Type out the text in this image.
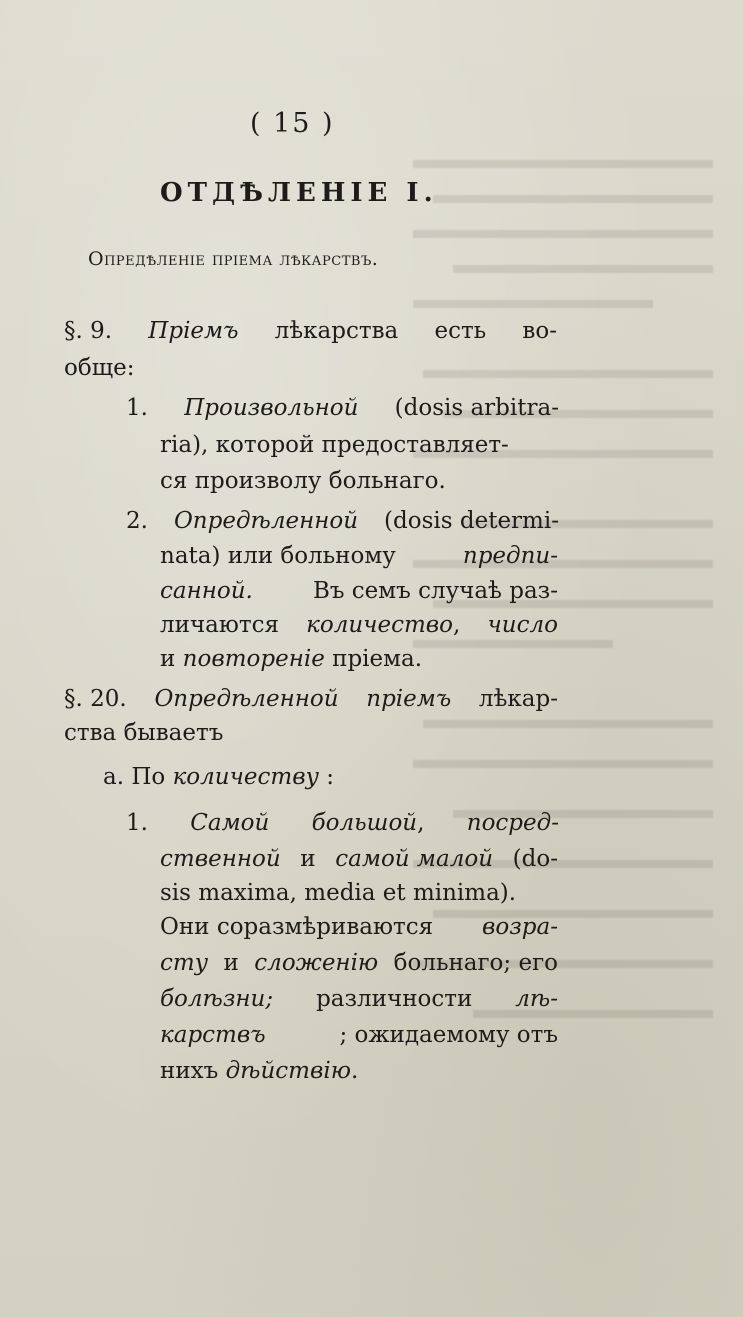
( 15 )
ОТДѢЛЕНІЕ I.
Опредѣленіе пріема лѣкарствъ.
§. 9. Пріемъ лѣкарства есть во-
обще:
1. Произвольной (dosis arbitra-
ria), которой предоставляет-
ся произволу больнаго.
2. Опредѣленной (dosis determi-
nata) или больному	предпи-
санной.	Въ семъ случаѣ раз-
личаются количество, число
и повтореніе пріема.
§. 20. Опредѣленной пріемъ лѣкар-
ства бываетъ
а. По количеству :
1. Самой большой, посред-
ственной и самой малой (do-
sis maxima, media et minima).
Они соразмѣриваются возра-
сту и сложенію больнаго; его
болѣзни; различности лѣ-
карствъ	; ожидаемому отъ
нихъ дѣйствію.
